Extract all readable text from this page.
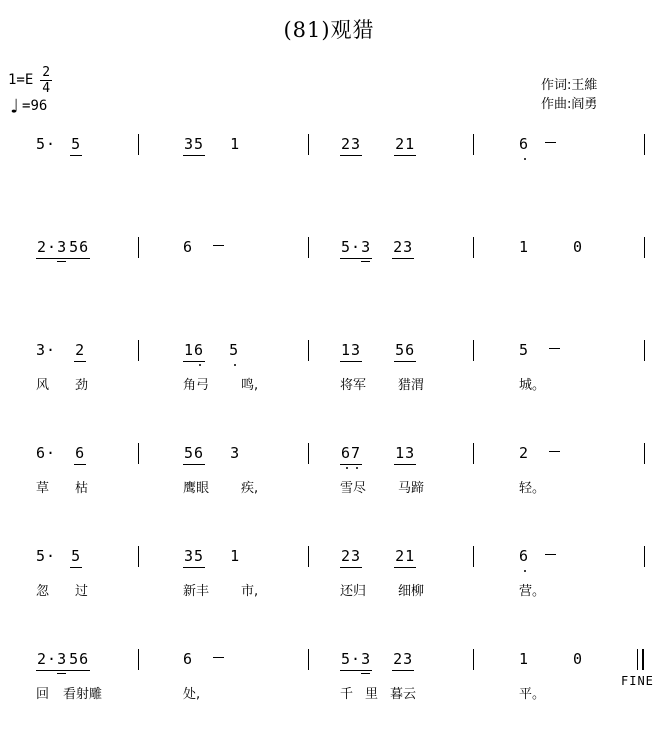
(81)观猎
$1=E \frac{2}{4}$
♩ =96
作词:王維
作曲:阎勇
5· 5	35 1	23 21	6
2·3 56	6	5·3 23	1	0
3· 2	16 5	13 56	5
风 劲	角弓 鸣,	将军 猎渭	城。
6· 6	56 3	67 13	2
草 枯	鹰眼 疾,	雪尽 马蹄	轻。
5· 5	35 1	23 21	6
忽 过	新丰 市,	还归 细柳	营。
2·3 56	6	5·3 23	1	0
回 看射雕	处,	千 里 暮云	平。
FINE
